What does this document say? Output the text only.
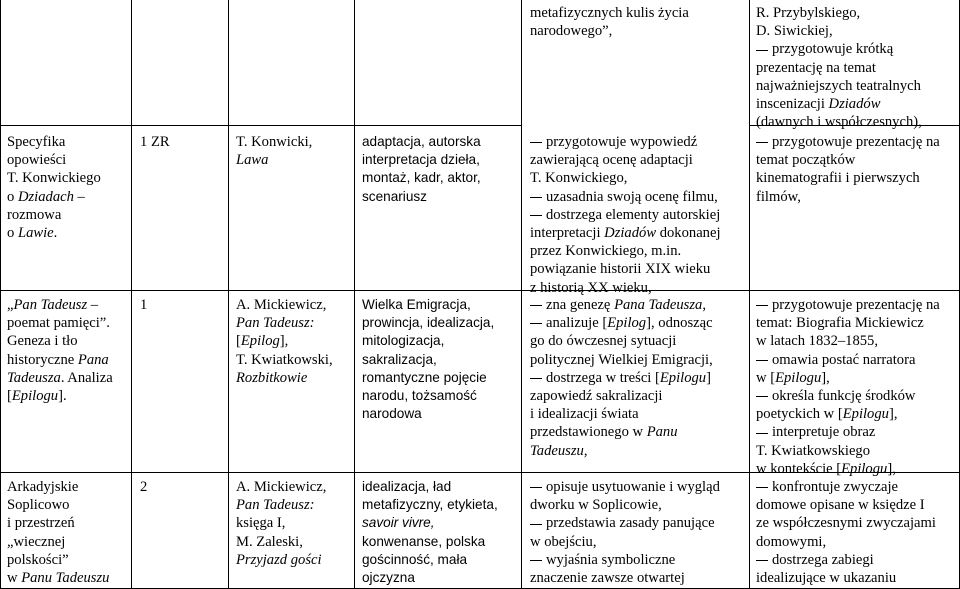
Specyfika

opowieści

T. Konwickiego

o Dziadach –

rozmowa

o Lawie.

„Pan Tadeusz –

poemat pamięci”.

Geneza i tło

historyczne Pana

Tadeusza. Analiza

[Epilogu].

Arkadyjskie

Soplicowo

i przestrzeń

„wiecznej

polskości”

w Panu Tadeuszu

1 ZR
1
2

T. Konwicki,

Lawa

A. Mickiewicz,

Pan Tadeusz:

[Epilog],

T. Kwiatkowski,

Rozbitkowie

A. Mickiewicz,

Pan Tadeusz:

księga I,

M. Zaleski,

Przyjazd gości

adaptacja, autorska

interpretacja dzieła,

montaż, kadr, aktor,

scenariusz

Wielka Emigracja,

prowincja, idealizacja,

mitologizacja,

sakralizacja,

romantyczne pojęcie

narodu, tożsamość

narodowa

idealizacja, ład

metafizyczny, etykieta,

savoir vivre,

konwenanse, polska

gościnność, mała

ojczyzna

metafizycznych kulis życia

narodowego”,

przygotowuje wypowiedź

zawierającą ocenę adaptacji

T. Konwickiego,

uzasadnia swoją ocenę filmu,

dostrzega elementy autorskiej

interpretacji Dziadów dokonanej

przez Konwickiego, m.in.

powiązanie historii XIX wieku

z historią XX wieku,

zna genezę Pana Tadeusza,

analizuje [Epilog], odnosząc

go do ówczesnej sytuacji

politycznej Wielkiej Emigracji,

dostrzega w treści [Epilogu]

zapowiedź sakralizacji

i idealizacji świata

przedstawionego w Panu

Tadeuszu,

opisuje usytuowanie i wygląd

dworku w Soplicowie,

przedstawia zasady panujące

w obejściu,

wyjaśnia symboliczne

znaczenie zawsze otwartej

R. Przybylskiego,

D. Siwickiej,

przygotowuje krótką

prezentację na temat

najważniejszych teatralnych

inscenizacji Dziadów

(dawnych i współczesnych),

przygotowuje prezentację na

temat początków

kinematografii i pierwszych

filmów,

przygotowuje prezentację na

temat: Biografia Mickiewicz

w latach 1832–1855,

omawia postać narratora

w [Epilogu],

określa funkcję środków

poetyckich w [Epilogu],

interpretuje obraz

T. Kwiatkowskiego

w kontekście [Epilogu],

konfrontuje zwyczaje

domowe opisane w księdze I

ze współczesnymi zwyczajami

domowymi,

dostrzega zabiegi

idealizujące w ukazaniu
